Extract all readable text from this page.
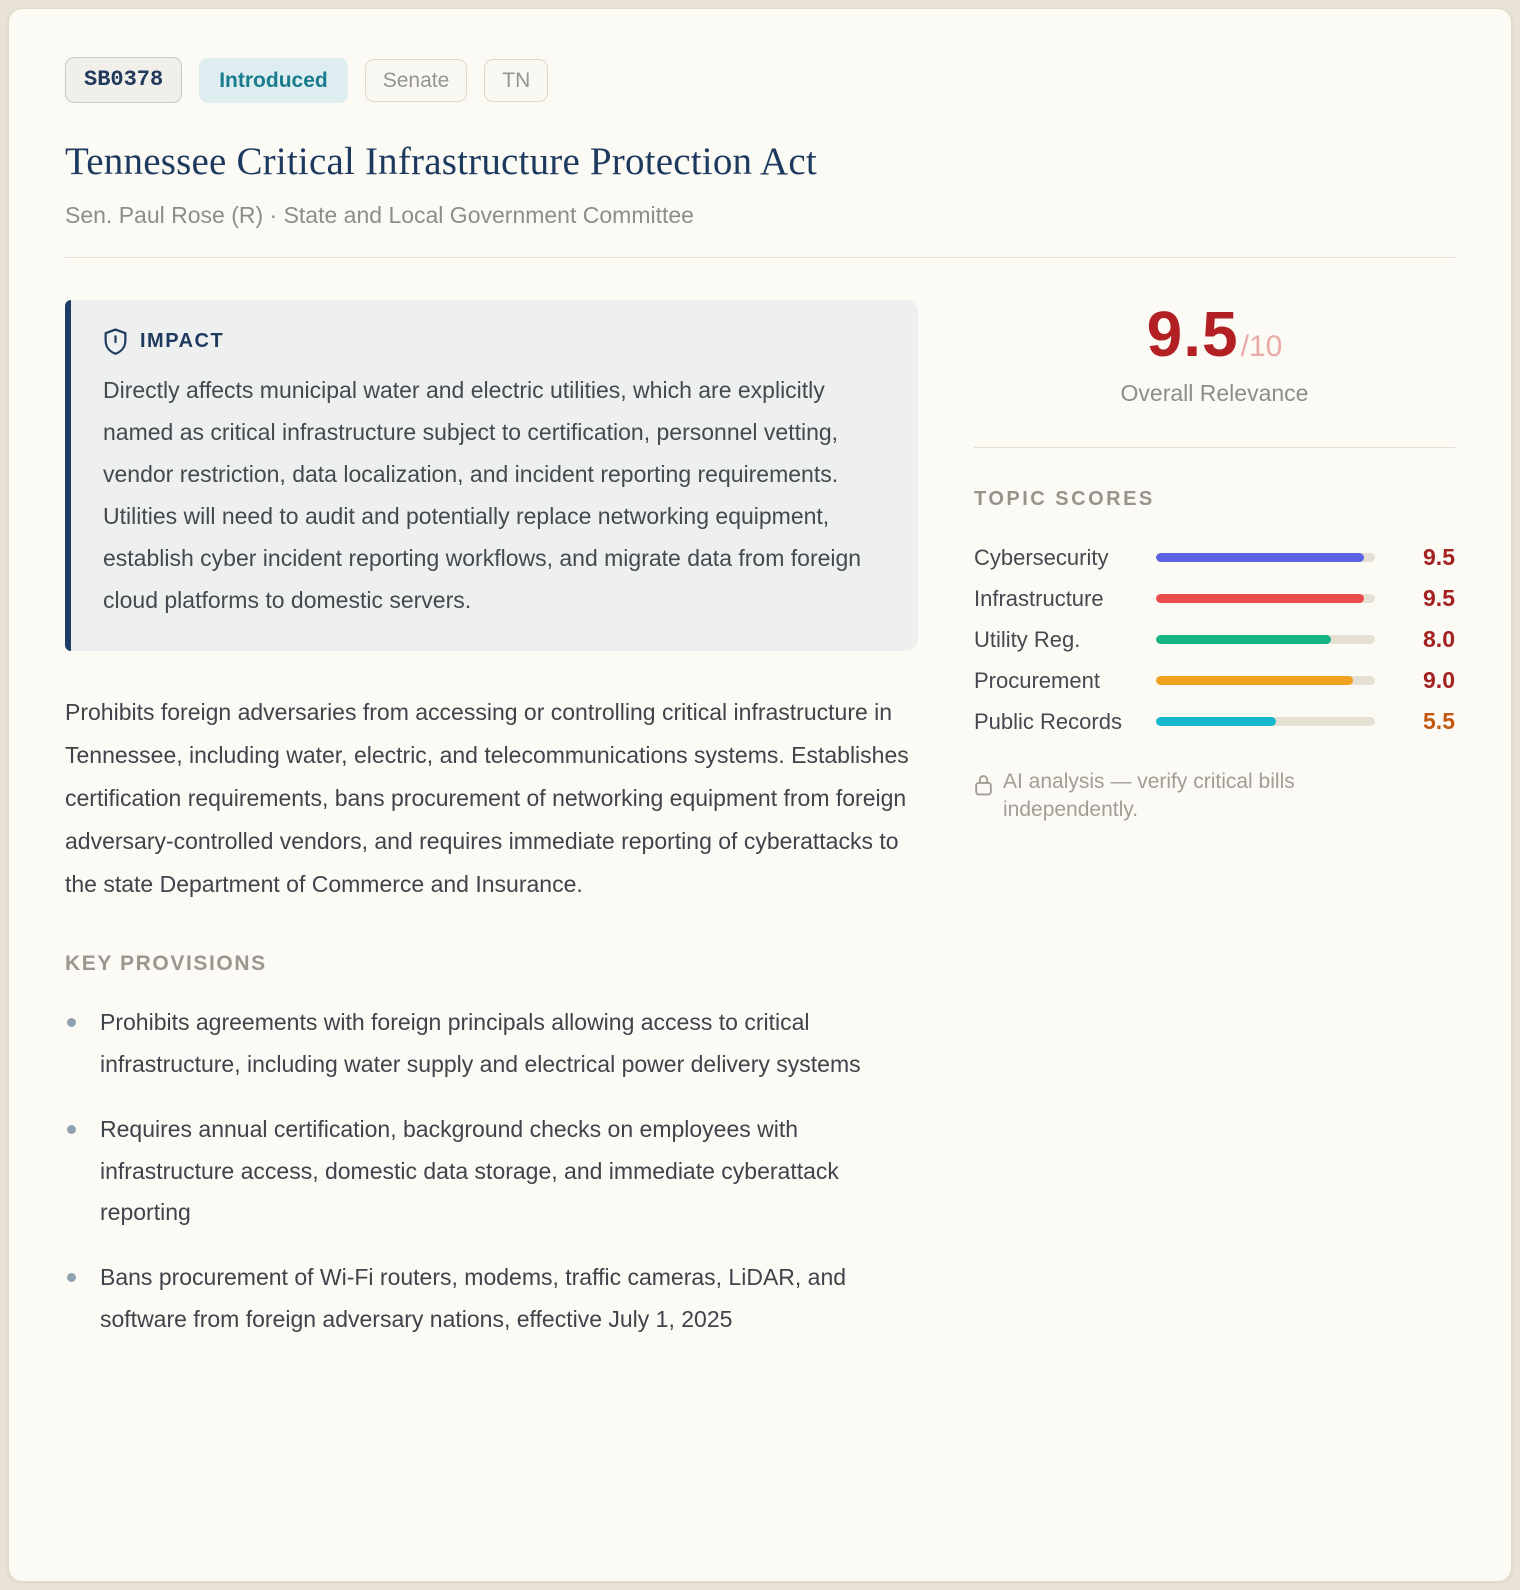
SB0378	Introduced	Senate	TN
Tennessee Critical Infrastructure Protection Act
Sen. Paul Rose (R) · State and Local Government Committee
IMPACT

Directly affects municipal water and electric utilities, which are explicitly named as critical infrastructure subject to certification, personnel vetting, vendor restriction, data localization, and incident reporting requirements. Utilities will need to audit and potentially replace networking equipment, establish cyber incident reporting workflows, and migrate data from foreign cloud platforms to domestic servers.

Prohibits foreign adversaries from accessing or controlling critical infrastructure in Tennessee, including water, electric, and telecommunications systems. Establishes certification requirements, bans procurement of networking equipment from foreign adversary-controlled vendors, and requires immediate reporting of cyberattacks to the state Department of Commerce and Insurance.

KEY PROVISIONS
Prohibits agreements with foreign principals allowing access to critical infrastructure, including water supply and electrical power delivery systems
Requires annual certification, background checks on employees with infrastructure access, domestic data storage, and immediate cyberattack reporting
Bans procurement of Wi-Fi routers, modems, traffic cameras, LiDAR, and software from foreign adversary nations, effective July 1, 2025
9.5 /10
Overall Relevance
TOPIC SCORES
Cybersecurity	9.5
Infrastructure	9.5
Utility Reg.	8.0
Procurement	9.0
Public Records	5.5
AI analysis — verify critical bills independently.
